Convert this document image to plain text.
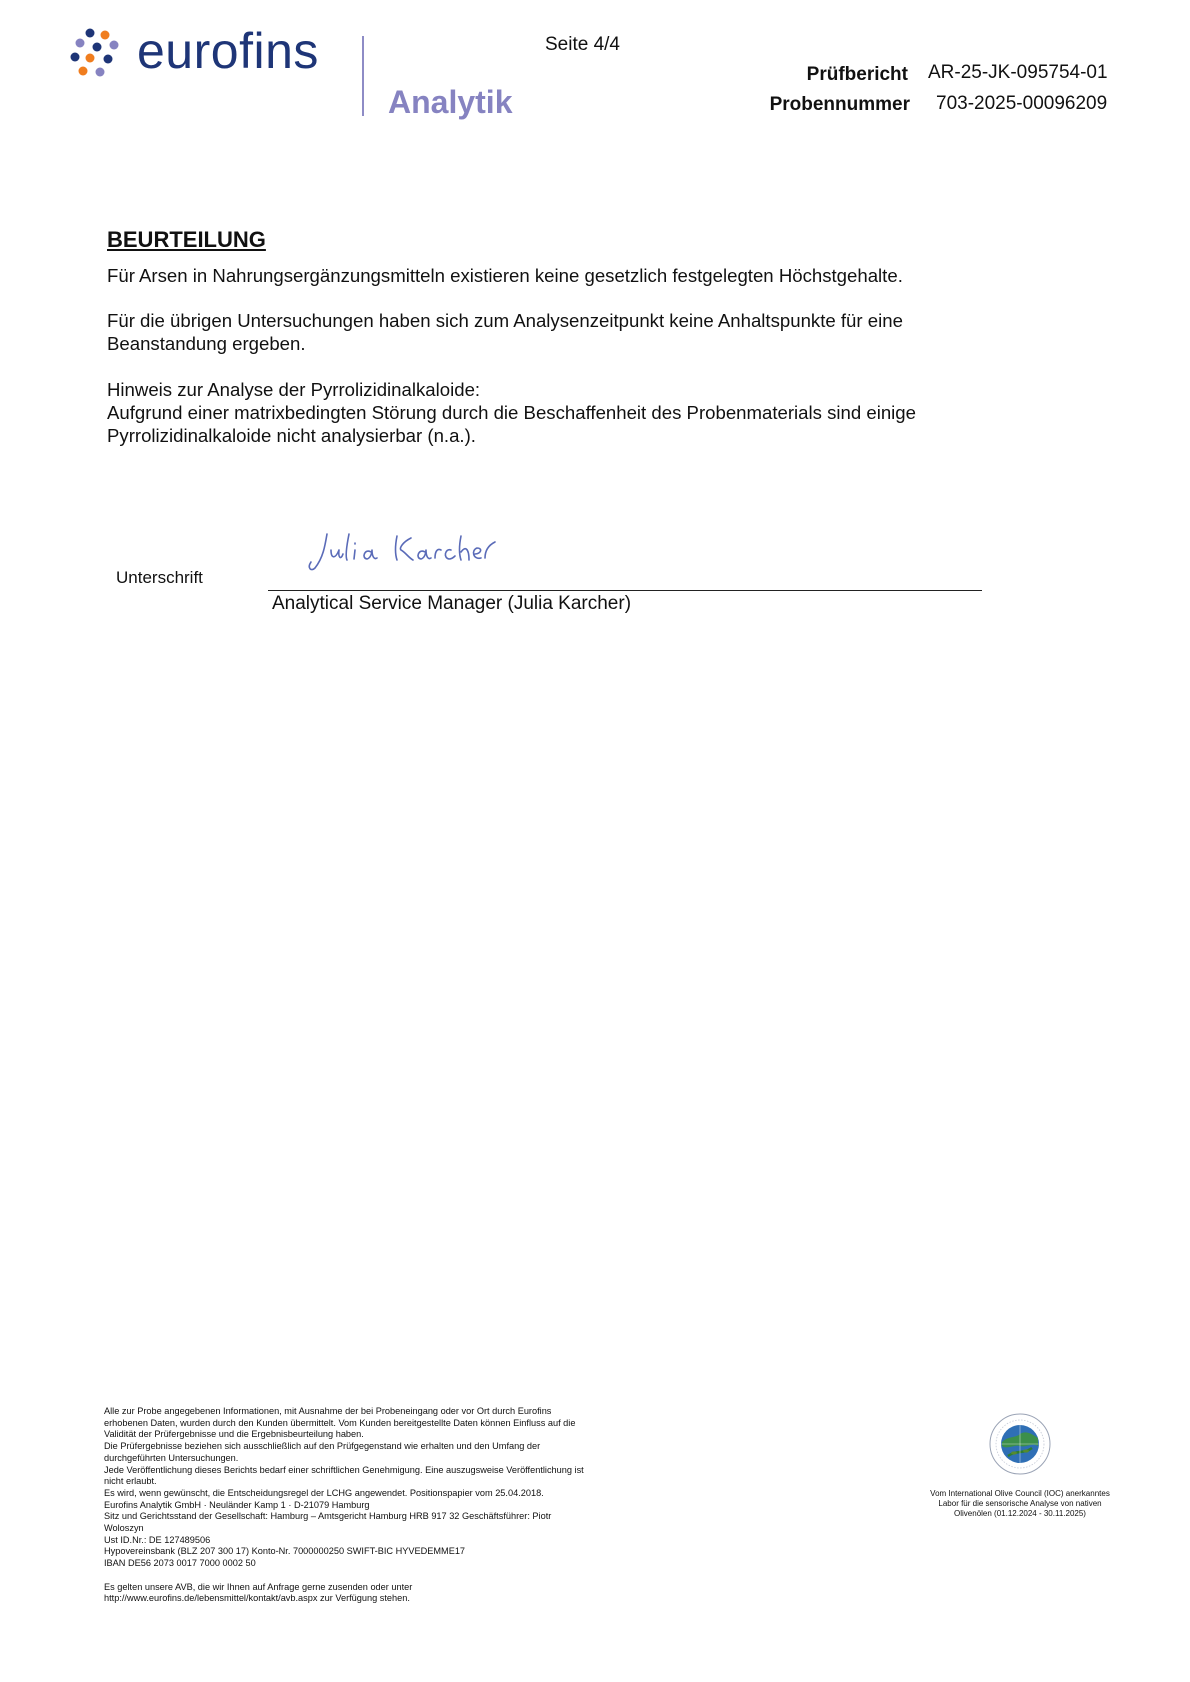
eurofins
Analytik
Seite 4/4
Prüfbericht AR-25-JK-095754-01
Probennummer 703-2025-00096209
BEURTEILUNG
Für Arsen in Nahrungsergänzungsmitteln existieren keine gesetzlich festgelegten Höchstgehalte.
Für die übrigen Untersuchungen haben sich zum Analysenzeitpunkt keine Anhaltspunkte für eine
Beanstandung ergeben.
Hinweis zur Analyse der Pyrrolizidinalkaloide:
Aufgrund einer matrixbedingten Störung durch die Beschaffenheit des Probenmaterials sind einige
Pyrrolizidinalkaloide nicht analysierbar (n.a.).
Unterschrift
Analytical Service Manager (Julia Karcher)
Alle zur Probe angegebenen Informationen, mit Ausnahme der bei Probeneingang oder vor Ort durch Eurofins
erhobenen Daten, wurden durch den Kunden übermittelt. Vom Kunden bereitgestellte Daten können Einfluss auf die
Validität der Prüfergebnisse und die Ergebnisbeurteilung haben.
Die Prüfergebnisse beziehen sich ausschließlich auf den Prüfgegenstand wie erhalten und den Umfang der
durchgeführten Untersuchungen.
Jede Veröffentlichung dieses Berichts bedarf einer schriftlichen Genehmigung. Eine auszugsweise Veröffentlichung ist
nicht erlaubt.
Es wird, wenn gewünscht, die Entscheidungsregel der LCHG angewendet. Positionspapier vom 25.04.2018.
Eurofins Analytik GmbH · Neuländer Kamp 1 · D-21079 Hamburg
Sitz und Gerichtsstand der Gesellschaft: Hamburg – Amtsgericht Hamburg HRB 917 32 Geschäftsführer: Piotr
Woloszyn
Ust ID.Nr.: DE 127489506
Hypovereinsbank (BLZ 207 300 17) Konto-Nr. 7000000250 SWIFT-BIC HYVEDEMME17
IBAN DE56 2073 0017 7000 0002 50
Es gelten unsere AVB, die wir Ihnen auf Anfrage gerne zusenden oder unter
http://www.eurofins.de/lebensmittel/kontakt/avb.aspx zur Verfügung stehen.
Vom International Olive Council (IOC) anerkanntes
Labor für die sensorische Analyse von nativen
Olivenölen (01.12.2024 - 30.11.2025)
